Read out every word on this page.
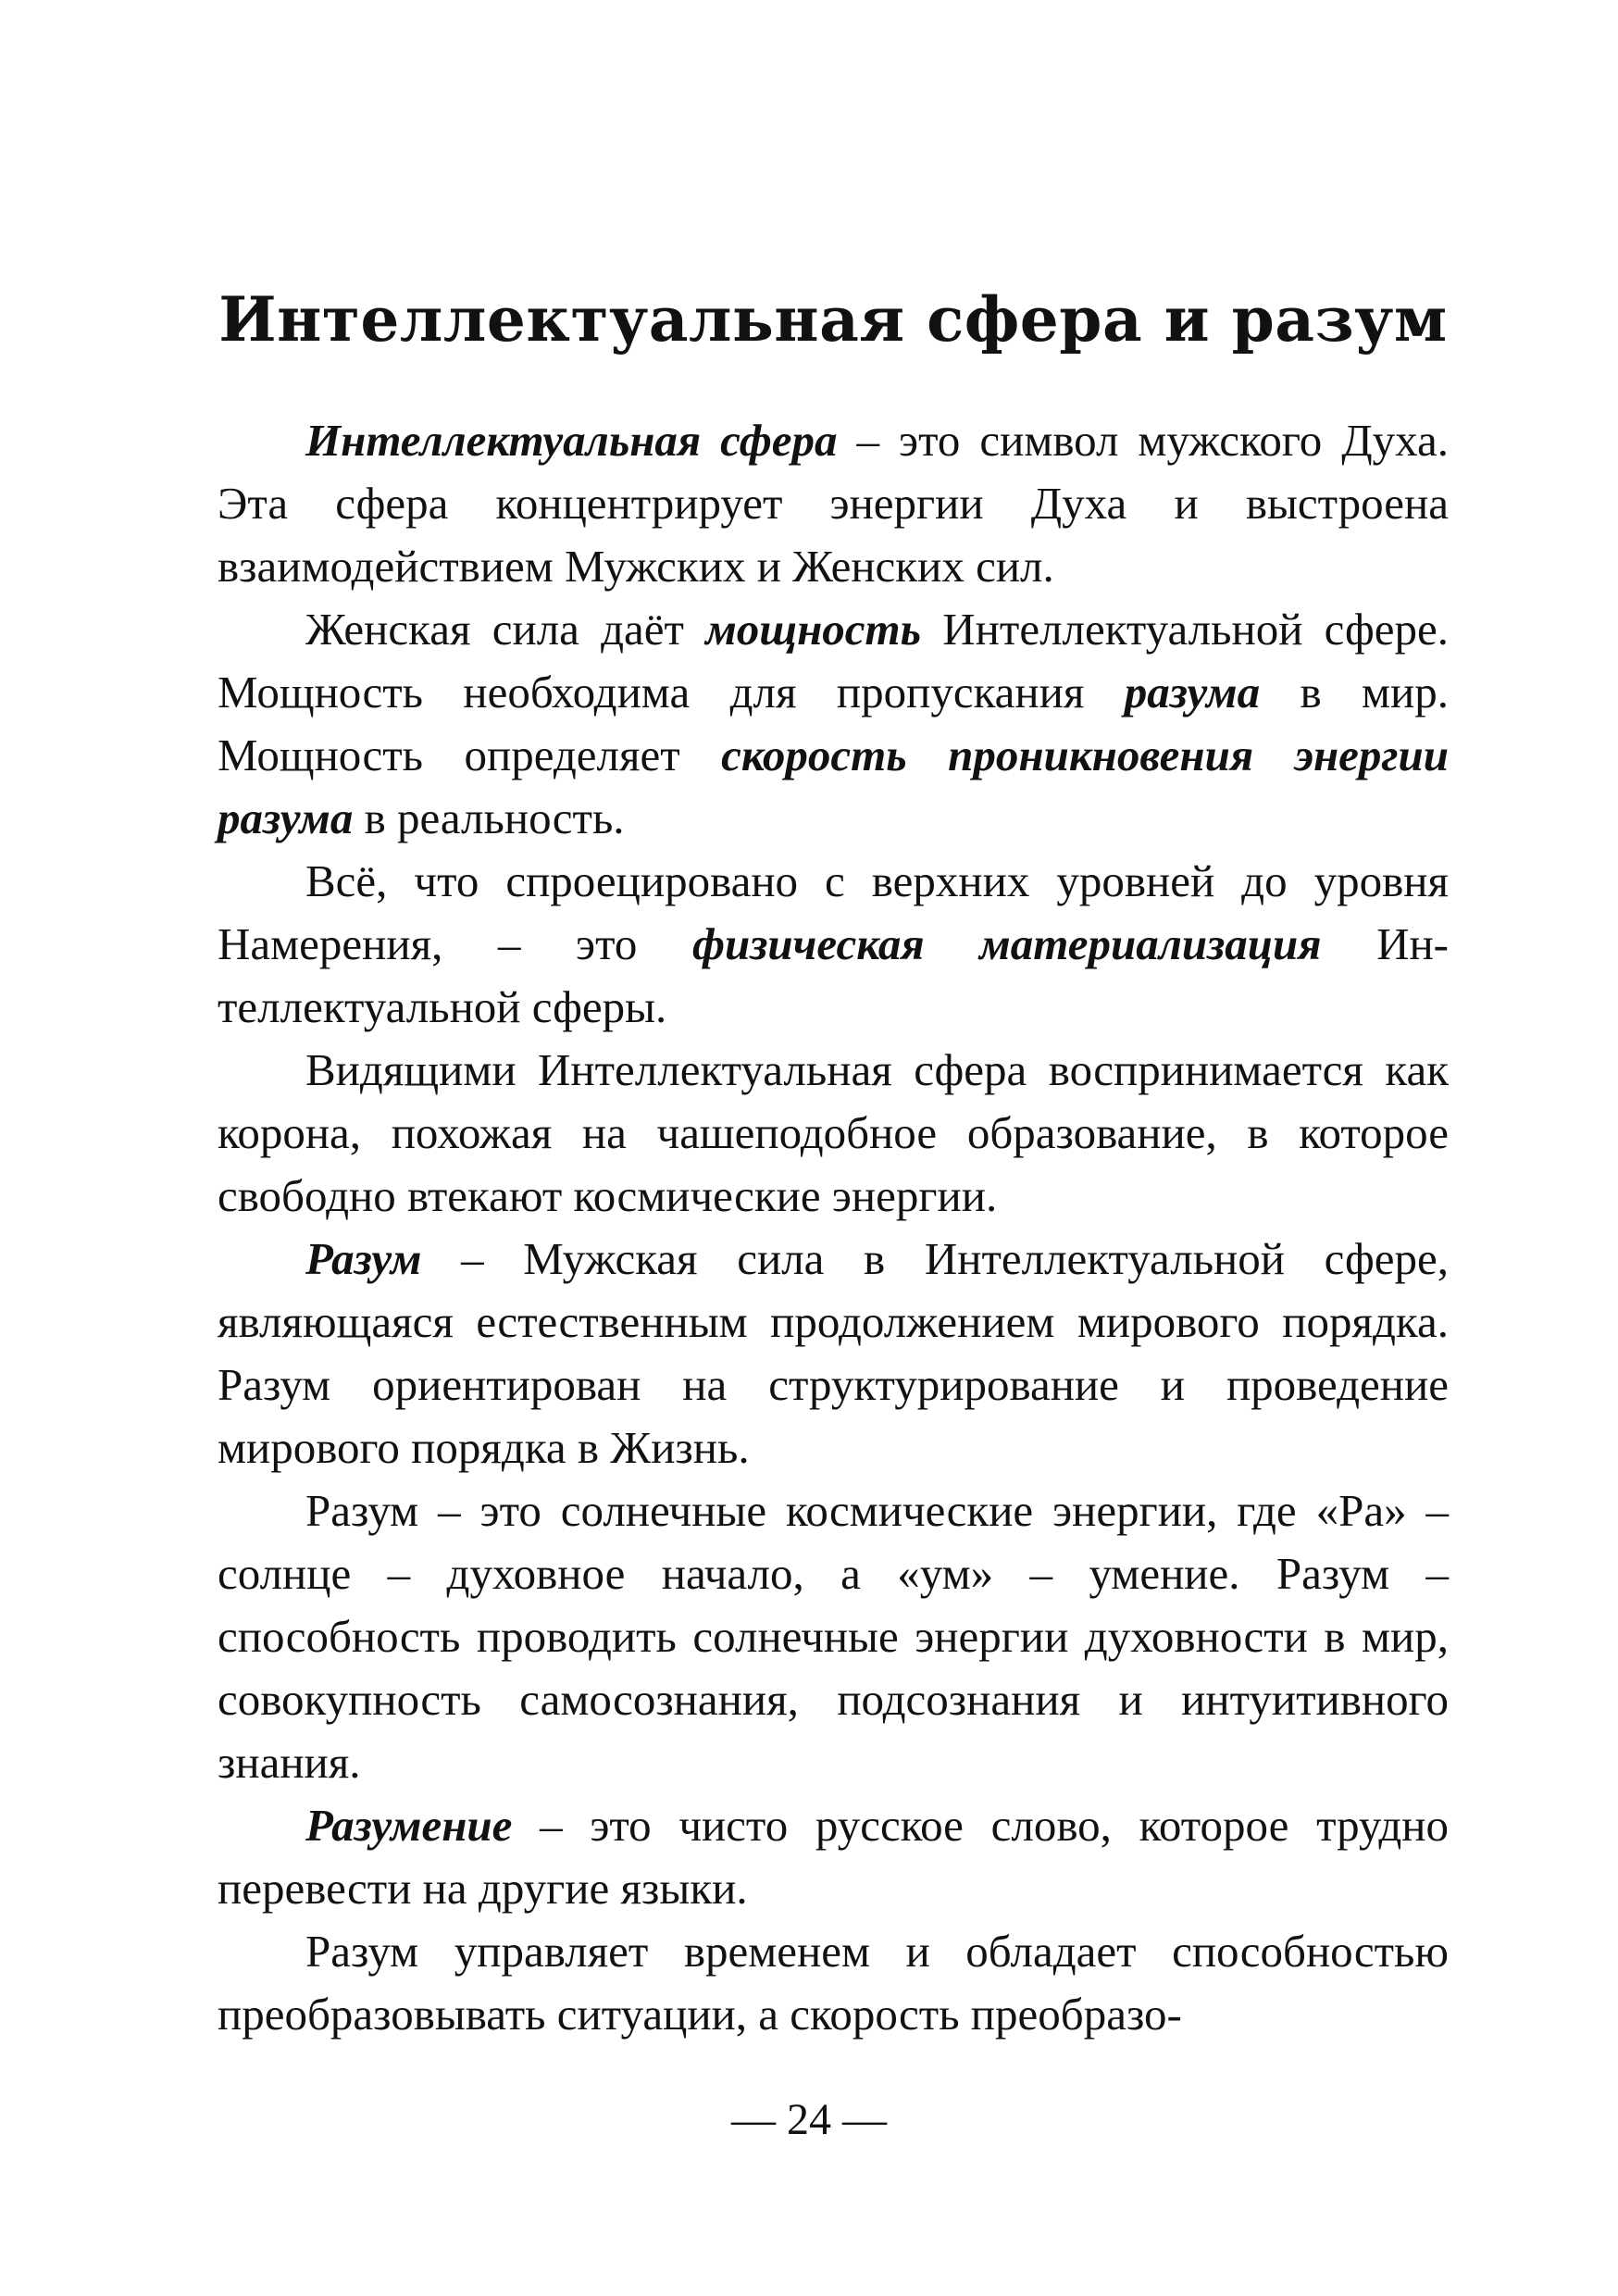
Интеллектуальная сфера и разум

Интеллектуальная сфера – это символ мужского Духа. Эта сфера концентрирует энергии Духа и выстроена взаимодействием Мужских и Женских сил.

Женская сила даёт мощность Интеллектуальной сфере. Мощность необходима для пропускания разума в мир. Мощность определяет скорость проникновения энергии разума в реальность.

Всё, что спроецировано с верхних уровней до уровня Намерения, – это физическая материализация Интеллектуальной сферы.

Видящими Интеллектуальная сфера воспринимается как корона, похожая на чашеподобное образование, в которое свободно втекают космические энергии.

Разум – Мужская сила в Интеллектуальной сфере, являющаяся естественным продолжением мирового порядка. Разум ориентирован на структурирование и проведение мирового порядка в Жизнь.

Разум – это солнечные космические энергии, где «Ра» – солнце – духовное начало, а «ум» – умение. Разум – способность проводить солнечные энергии духовности в мир, совокупность самосознания, подсознания и интуитивного знания.

Разумение – это чисто русское слово, которое трудно перевести на другие языки.

Разум управляет временем и обладает способностью преобразовывать ситуации, а скорость преобразо-

— 24 —
